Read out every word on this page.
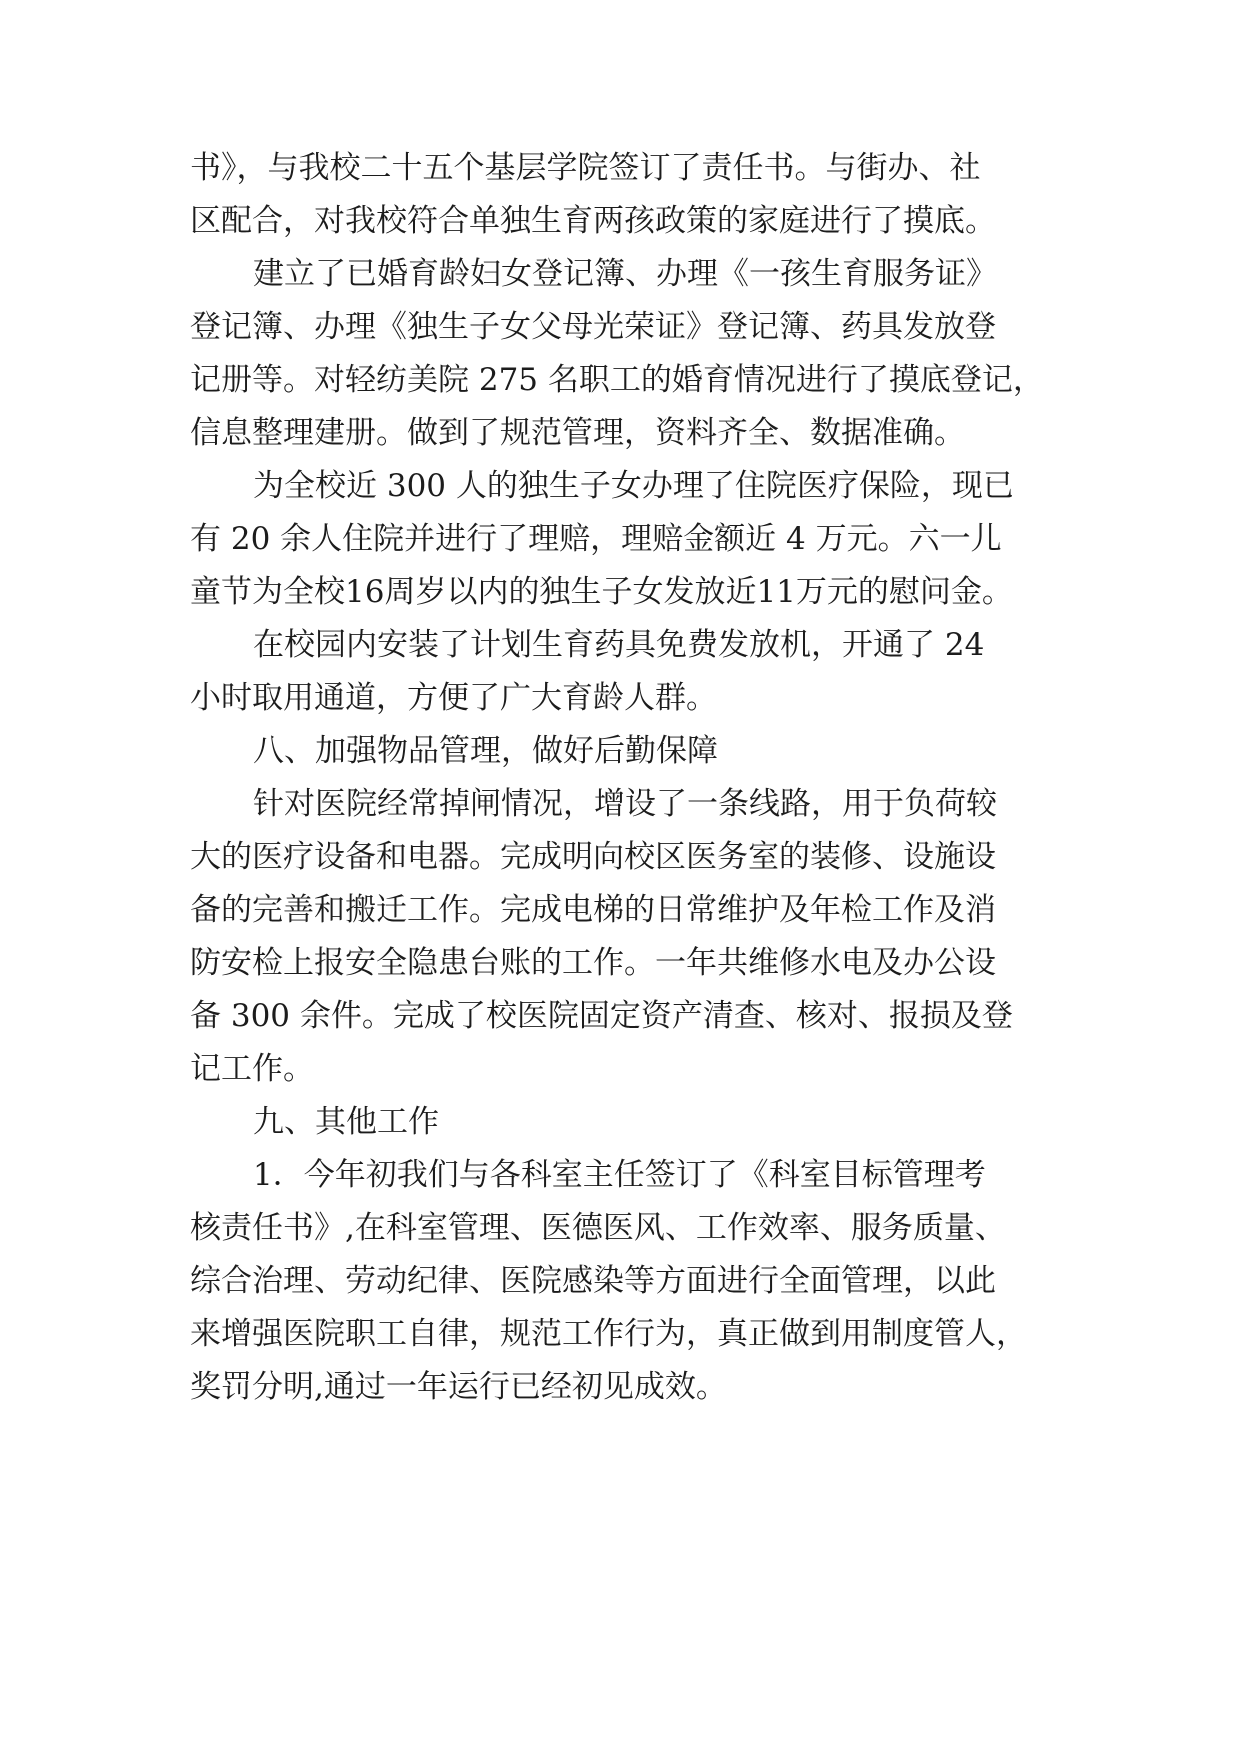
书》，与我校二十五个基层学院签订了责任书。与街办、社
区配合，对我校符合单独生育两孩政策的家庭进行了摸底。
建立了已婚育龄妇女登记簿、办理《一孩生育服务证》
登记簿、办理《独生子女父母光荣证》登记簿、药具发放登
记册等。对轻纺美院 275 名职工的婚育情况进行了摸底登记，
信息整理建册。做到了规范管理，资料齐全、数据准确。
为全校近 300 人的独生子女办理了住院医疗保险，现已
有 20 余人住院并进行了理赔，理赔金额近 4 万元。六一儿
童节为全校16周岁以内的独生子女发放近11万元的慰问金。
在校园内安装了计划生育药具免费发放机，开通了 24
小时取用通道，方便了广大育龄人群。
八、加强物品管理，做好后勤保障
针对医院经常掉闸情况，增设了一条线路，用于负荷较
大的医疗设备和电器。完成明向校区医务室的装修、设施设
备的完善和搬迁工作。完成电梯的日常维护及年检工作及消
防安检上报安全隐患台账的工作。一年共维修水电及办公设
备 300 余件。完成了校医院固定资产清查、核对、报损及登
记工作。
九、其他工作
1．今年初我们与各科室主任签订了《科室目标管理考
核责任书》,在科室管理、医德医风、工作效率、服务质量、
综合治理、劳动纪律、医院感染等方面进行全面管理，以此
来增强医院职工自律，规范工作行为，真正做到用制度管人，
奖罚分明,通过一年运行已经初见成效。
